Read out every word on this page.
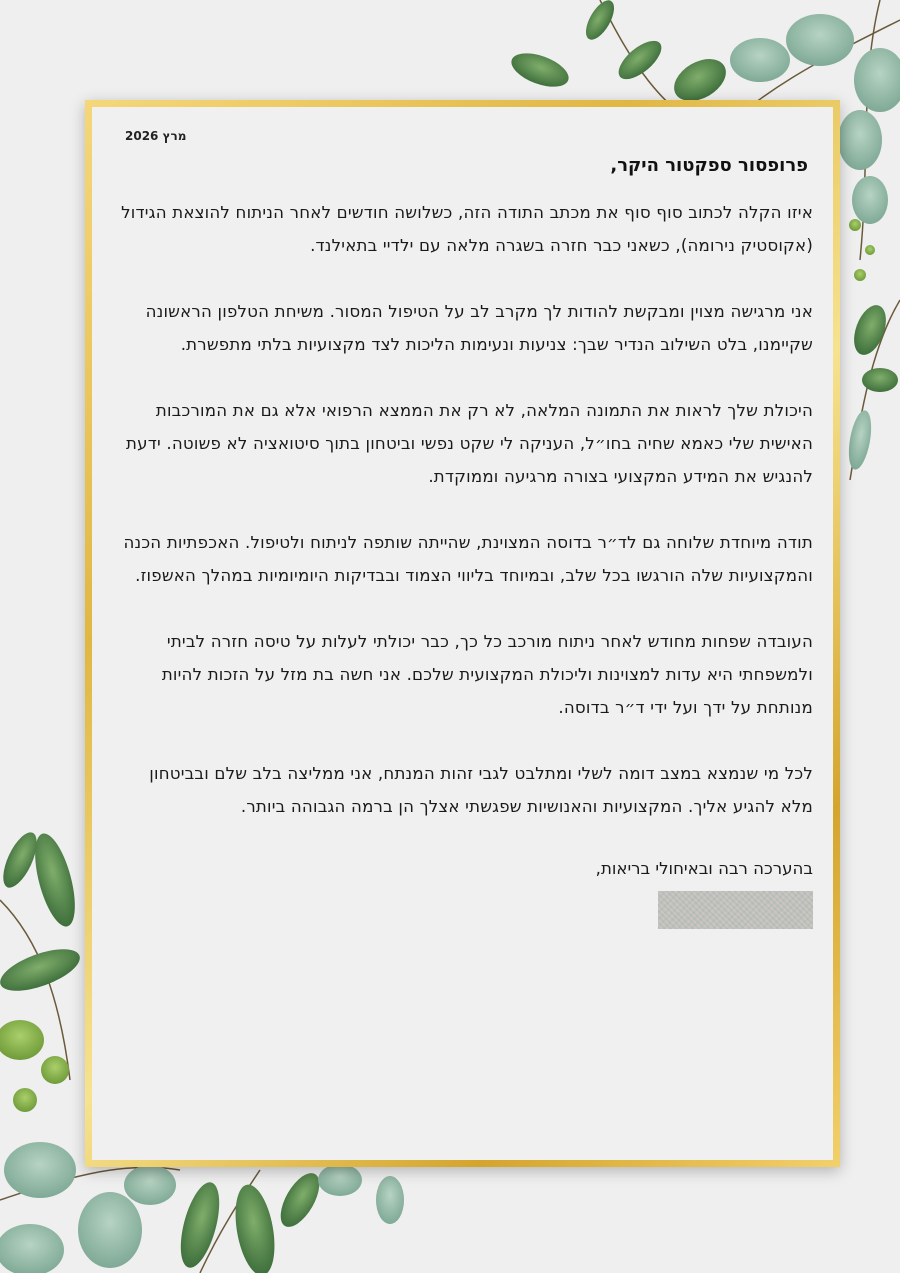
מרץ 2026
פרופסור ספקטור היקר,

איזו הקלה לכתוב סוף סוף את מכתב התודה הזה, כשלושה חודשים לאחר הניתוח להוצאת הגידול (אקוסטיק נירומה), כשאני כבר חזרה בשגרה מלאה עם ילדיי בתאילנד.

אני מרגישה מצוין ומבקשת להודות לך מקרב לב על הטיפול המסור. משיחת הטלפון הראשונה שקיימנו, בלט השילוב הנדיר שבך: צניעות ונעימות הליכות לצד מקצועיות בלתי מתפשרת.

היכולת שלך לראות את התמונה המלאה, לא רק את הממצא הרפואי אלא גם את המורכבות האישית שלי כאמא שחיה בחו״ל, העניקה לי שקט נפשי וביטחון בתוך סיטואציה לא פשוטה. ידעת להנגיש את המידע המקצועי בצורה מרגיעה וממוקדת.

תודה מיוחדת שלוחה גם לד״ר בדוסה המצוינת, שהייתה שותפה לניתוח ולטיפול. האכפתיות הכנה והמקצועיות שלה הורגשו בכל שלב, ובמיוחד בליווי הצמוד ובבדיקות היומיומיות במהלך האשפוז.

העובדה שפחות מחודש לאחר ניתוח מורכב כל כך, כבר יכולתי לעלות על טיסה חזרה לביתי ולמשפחתי היא עדות למצוינות וליכולת המקצועית שלכם. אני חשה בת מזל על הזכות להיות מנותחת על ידך ועל ידי ד״ר בדוסה.

לכל מי שנמצא במצב דומה לשלי ומתלבט לגבי זהות המנתח, אני ממליצה בלב שלם ובביטחון מלא להגיע אליך. המקצועיות והאנושיות שפגשתי אצלך הן ברמה הגבוהה ביותר.

בהערכה רבה ובאיחולי בריאות,
